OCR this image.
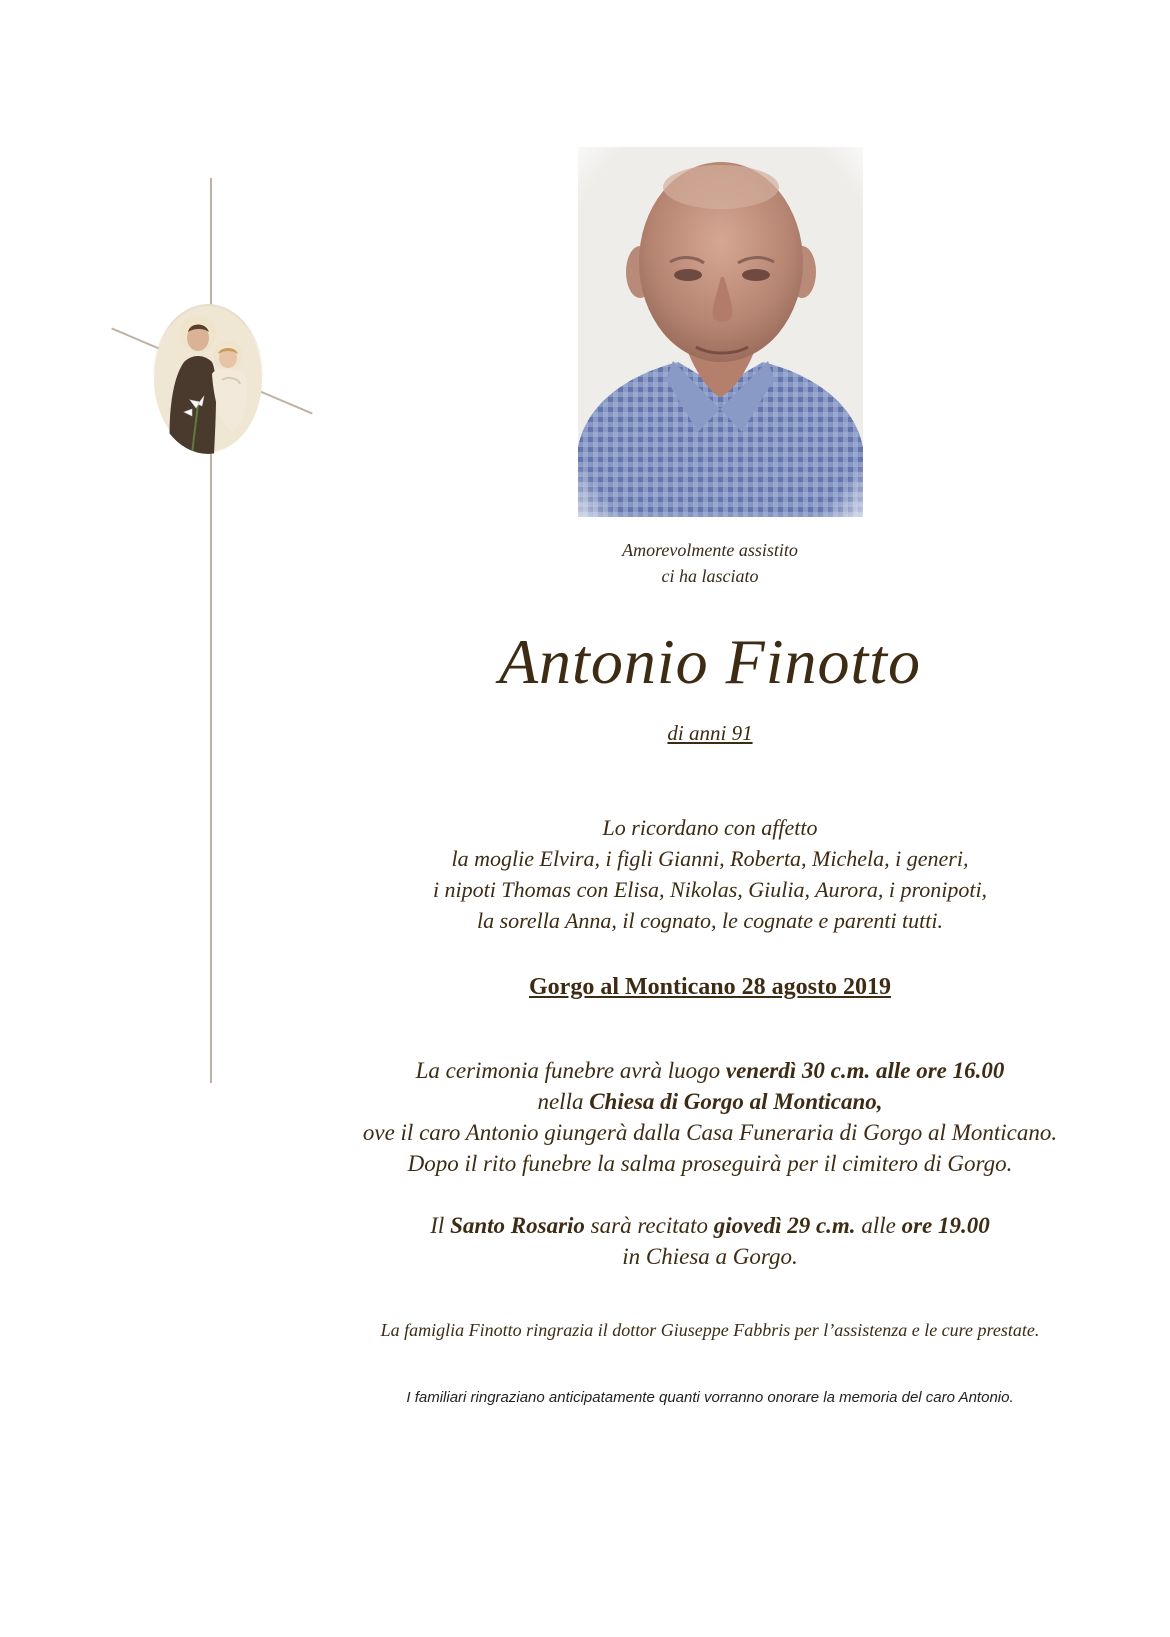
Amorevolmente assistito
ci ha lasciato
Antonio Finotto
di anni 91
Lo ricordano con affetto
la moglie Elvira, i figli Gianni, Roberta, Michela, i generi,
i nipoti Thomas con Elisa, Nikolas, Giulia, Aurora, i pronipoti,
la sorella Anna, il cognato, le cognate e parenti tutti.
Gorgo al Monticano 28 agosto 2019
La cerimonia funebre avrà luogo venerdì 30 c.m. alle ore 16.00
nella Chiesa di Gorgo al Monticano,
ove il caro Antonio giungerà dalla Casa Funeraria di Gorgo al Monticano.
Dopo il rito funebre la salma proseguirà per il cimitero di Gorgo.
Il Santo Rosario sarà recitato giovedì 29 c.m. alle ore 19.00
in Chiesa a Gorgo.
La famiglia Finotto ringrazia il dottor Giuseppe Fabbris per l’assistenza e le cure prestate.
I familiari ringraziano anticipatamente quanti vorranno onorare la memoria del caro Antonio.
